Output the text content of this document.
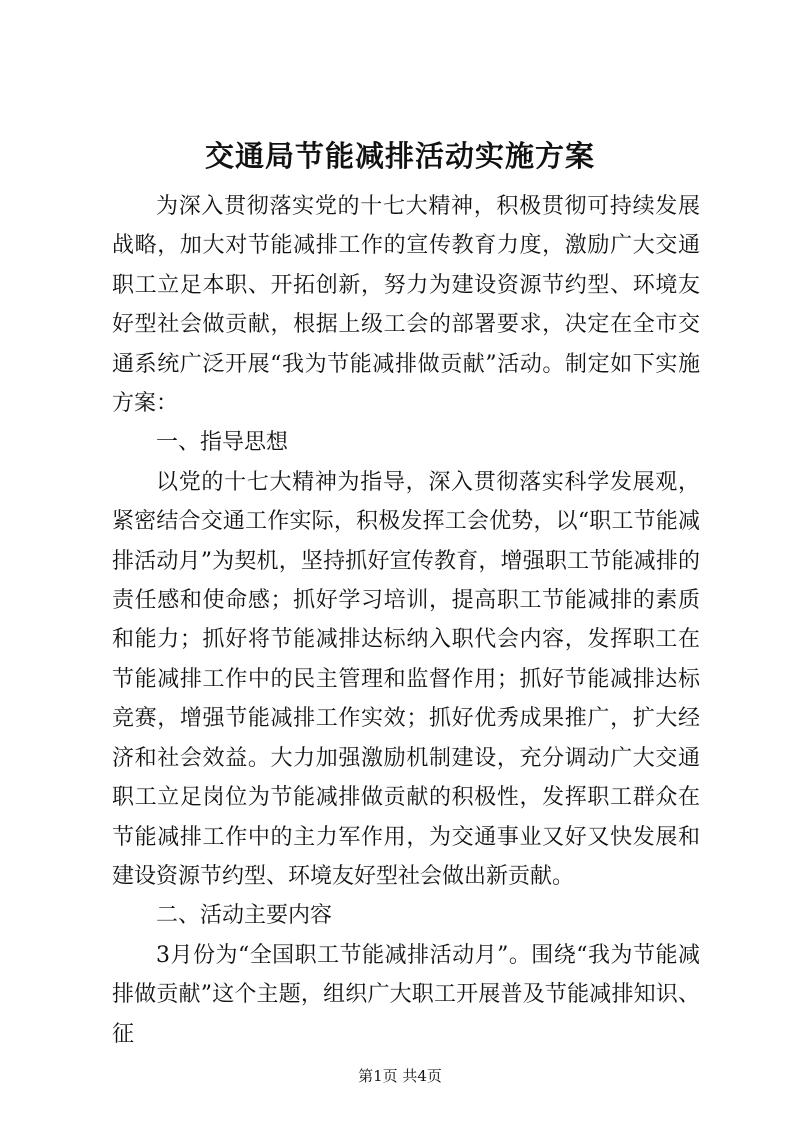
交通局节能减排活动实施方案

为深入贯彻落实党的十七大精神，积极贯彻可持续发展战略，加大对节能减排工作的宣传教育力度，激励广大交通职工立足本职、开拓创新，努力为建设资源节约型、环境友好型社会做贡献，根据上级工会的部署要求，决定在全市交通系统广泛开展“我为节能减排做贡献”活动。制定如下实施方案：

一、指导思想

以党的十七大精神为指导，深入贯彻落实科学发展观，紧密结合交通工作实际，积极发挥工会优势，以“职工节能减排活动月”为契机，坚持抓好宣传教育，增强职工节能减排的责任感和使命感；抓好学习培训，提高职工节能减排的素质和能力；抓好将节能减排达标纳入职代会内容，发挥职工在节能减排工作中的民主管理和监督作用；抓好节能减排达标竞赛，增强节能减排工作实效；抓好优秀成果推广，扩大经济和社会效益。大力加强激励机制建设，充分调动广大交通职工立足岗位为节能减排做贡献的积极性，发挥职工群众在节能减排工作中的主力军作用，为交通事业又好又快发展和建设资源节约型、环境友好型社会做出新贡献。

二、活动主要内容

3月份为“全国职工节能减排活动月”。围绕“我为节能减排做贡献”这个主题，组织广大职工开展普及节能减排知识、征

第1页 共4页
